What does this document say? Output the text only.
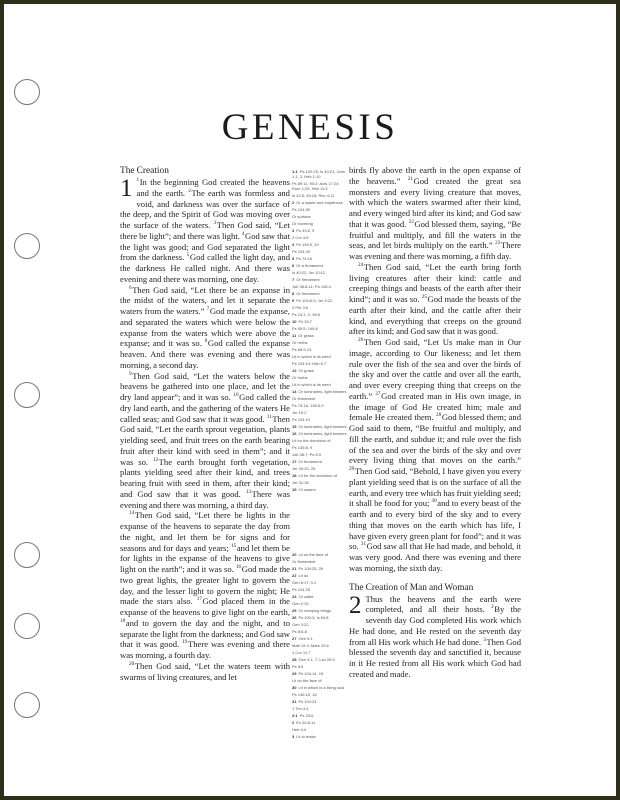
GENESIS
The Creation

1 $^1$In the beginning God created the heavens and the earth. $^2$The earth was formless and void, and darkness was over the surface of the deep, and the Spirit of God was moving over the surface of the waters. $^3$Then God said, “Let there be light”; and there was light. $^4$God saw that the light was good; and God separated the light from the darkness. $^5$God called the light day, and the darkness He called night. And there was evening and there was morning, one day.

$^6$Then God said, “Let there be an expanse in the midst of the waters, and let it separate the waters from the waters.” $^7$God made the expanse, and separated the waters which were below the expanse from the waters which were above the expanse; and it was so. $^8$God called the expanse heaven. And there was evening and there was morning, a second day.

$^9$Then God said, “Let the waters below the heavens be gathered into one place, and let the dry land appear”; and it was so. $^{10}$God called the dry land earth, and the gathering of the waters He called seas; and God saw that it was good. $^{11}$Then God said, “Let the earth sprout vegetation, plants yielding seed, and fruit trees on the earth bearing fruit after their kind with seed in them”; and it was so. $^{12}$The earth brought forth vegetation, plants yielding seed after their kind, and trees bearing fruit with seed in them, after their kind; and God saw that it was good. $^{13}$There was evening and there was morning, a third day.

$^{14}$Then God said, “Let there be lights in the expanse of the heavens to separate the day from the night, and let them be for signs and for seasons and for days and years; $^{15}$and let them be for lights in the expanse of the heavens to give light on the earth”; and it was so. $^{16}$God made the two great lights, the greater light to govern the day, and the lesser light to govern the night; He made the stars also. $^{17}$God placed them in the expanse of the heavens to give light on the earth, $^{18}$and to govern the day and the night, and to separate the light from the darkness; and God saw that it was good. $^{19}$There was evening and there was morning, a fourth day.

$^{20}$Then God said, “Let the waters teem with swarms of living creatures, and let

1:1 Ps 102:25; Is 40:21; John 1:1, 2; Heb 1:10
Ps 89:11; 90:2; Acts 17:24; Rom 1:20; Heb 11:3
Is 42:5; 45:18; Rev 4:11
2 Or a waste and emptiness
Ps 104:30
Or surface
Or hovering
3 Ps 33:6, 9
2 Cor 4:6
4 Ps 145:9, 10
Ps 104:20
5 Ps 74:16
6 Or a firmament
Is 40:22; Jer 10:12
7 Or firmament
Job 38:8-11; Ps 148:4
8 Or firmament
9 Ps 104:6-9; Jer 5:22
2 Pet 3:5
Ps 24:1, 2; 95:5
10 Ps 33:7
Ps 95:5; 146:6
11 Or grass
Or herbs
Ps 65:9-13
Lit in which is its seed
Ps 104:14; Heb 6:7
12 Or grass
Or herbs
Lit in which is its seed
14 Or luminaries, light bearers
Or firmament
Ps 74:16; 136:5-9
Jer 10:2
Ps 104:19
15 Or luminaries, light bearers
16 Or luminaries, light bearers
Lit for the dominion of
Ps 136:8, 9
Job 38:7; Ps 8:3
17 Or firmament
Jer 33:20, 25
18 Lit for the dominion of
Jer 31:35
19 Or swarm
20 Lit on the face of
Or firmament
21 Ps 104:25, 26
22 Lit do
Gen 8:17; 9:1
Ps 104:25
24 Or cattle
Gen 2:19
25 Or creeping things
26 Ps 100:3; Is 64:8
Gen 3:22
Ps 8:6-8
27 Gen 5:1
Matt 19:4; Mark 10:6
1 Cor 11:7
28 Gen 9:1, 7; Lev 26:9
Ps 8:6
29 Ps 104:14, 15
Lit on the face of
30 Lit in which is a living soul
Ps 145:15, 16
31 Ps 104:24
1 Tim 4:4
2:1 Ps 33:6
2 Ex 20:8-11
Heb 4:4
3 Lit to make

birds fly above the earth in the open expanse of the heavens.” $^{21}$God created the great sea monsters and every living creature that moves, with which the waters swarmed after their kind, and every winged bird after its kind; and God saw that it was good. $^{22}$God blessed them, saying, “Be fruitful and multiply, and fill the waters in the seas, and let birds multiply on the earth.” $^{23}$There was evening and there was morning, a fifth day.

$^{24}$Then God said, “Let the earth bring forth living creatures after their kind: cattle and creeping things and beasts of the earth after their kind”; and it was so. $^{25}$God made the beasts of the earth after their kind, and the cattle after their kind, and everything that creeps on the ground after its kind; and God saw that it was good.

$^{26}$Then God said, “Let Us make man in Our image, according to Our likeness; and let them rule over the fish of the sea and over the birds of the sky and over the cattle and over all the earth, and over every creeping thing that creeps on the earth.” $^{27}$God created man in His own image, in the image of God He created him; male and female He created them. $^{28}$God blessed them; and God said to them, “Be fruitful and multiply, and fill the earth, and subdue it; and rule over the fish of the sea and over the birds of the sky and over every living thing that moves on the earth.” $^{29}$Then God said, “Behold, I have given you every plant yielding seed that is on the surface of all the earth, and every tree which has fruit yielding seed; it shall be food for you; $^{30}$and to every beast of the earth and to every bird of the sky and to every thing that moves on the earth which has life, I have given every green plant for food”; and it was so. $^{31}$God saw all that He had made, and behold, it was very good. And there was evening and there was morning, the sixth day.

The Creation of Man and Woman

2 Thus the heavens and the earth were completed, and all their hosts. $^2$By the seventh day God completed His work which He had done, and He rested on the seventh day from all His work which He had done. $^3$Then God blessed the seventh day and sanctified it, because in it He rested from all His work which God had created and made.
